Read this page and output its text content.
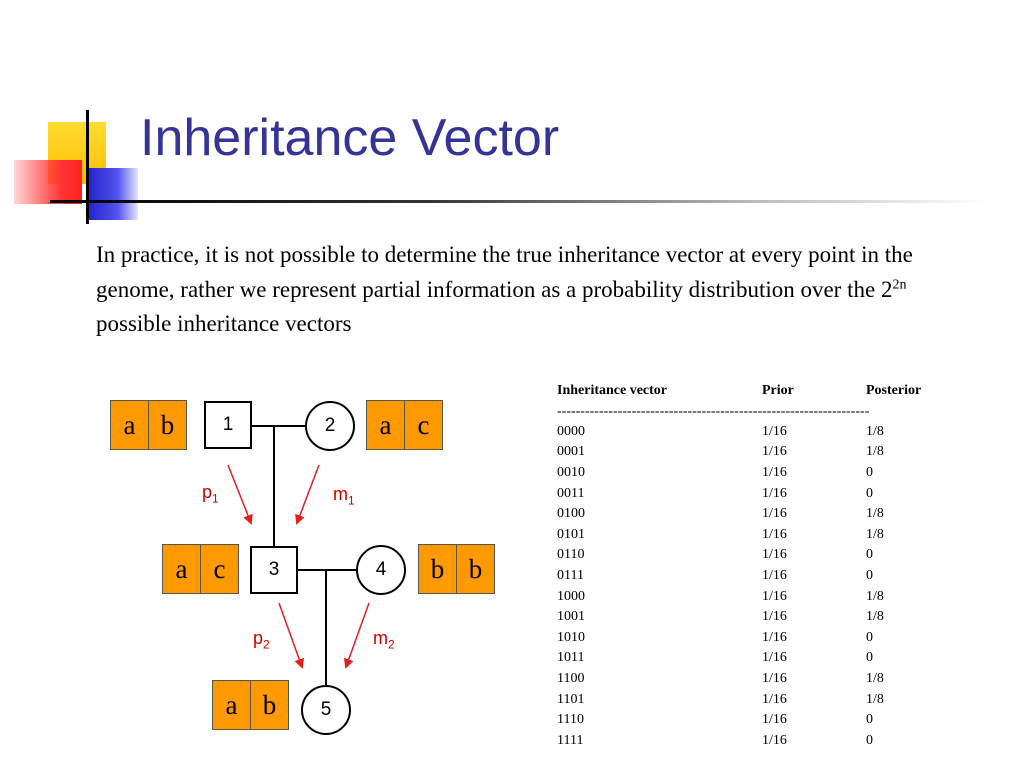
Inheritance Vector
In practice, it is not possible to determine the true inheritance vector at every point in the genome, rather we represent partial information as a probability distribution over the $2^{2n}$ possible inheritance vectors
1	2
3	4
5
a b	a c
a c	b b
a b
$p_1$	$m_1$
$p_2$	$m_2$
Inheritance vector	Prior	Posterior
-------------------------------------------------------------------
0000	1/16	1/8
0001	1/16	1/8
0010	1/16	0
0011	1/16	0
0100	1/16	1/8
0101	1/16	1/8
0110	1/16	0
0111	1/16	0
1000	1/16	1/8
1001	1/16	1/8
1010	1/16	0
1011	1/16	0
1100	1/16	1/8
1101	1/16	1/8
1110	1/16	0
1111	1/16	0
